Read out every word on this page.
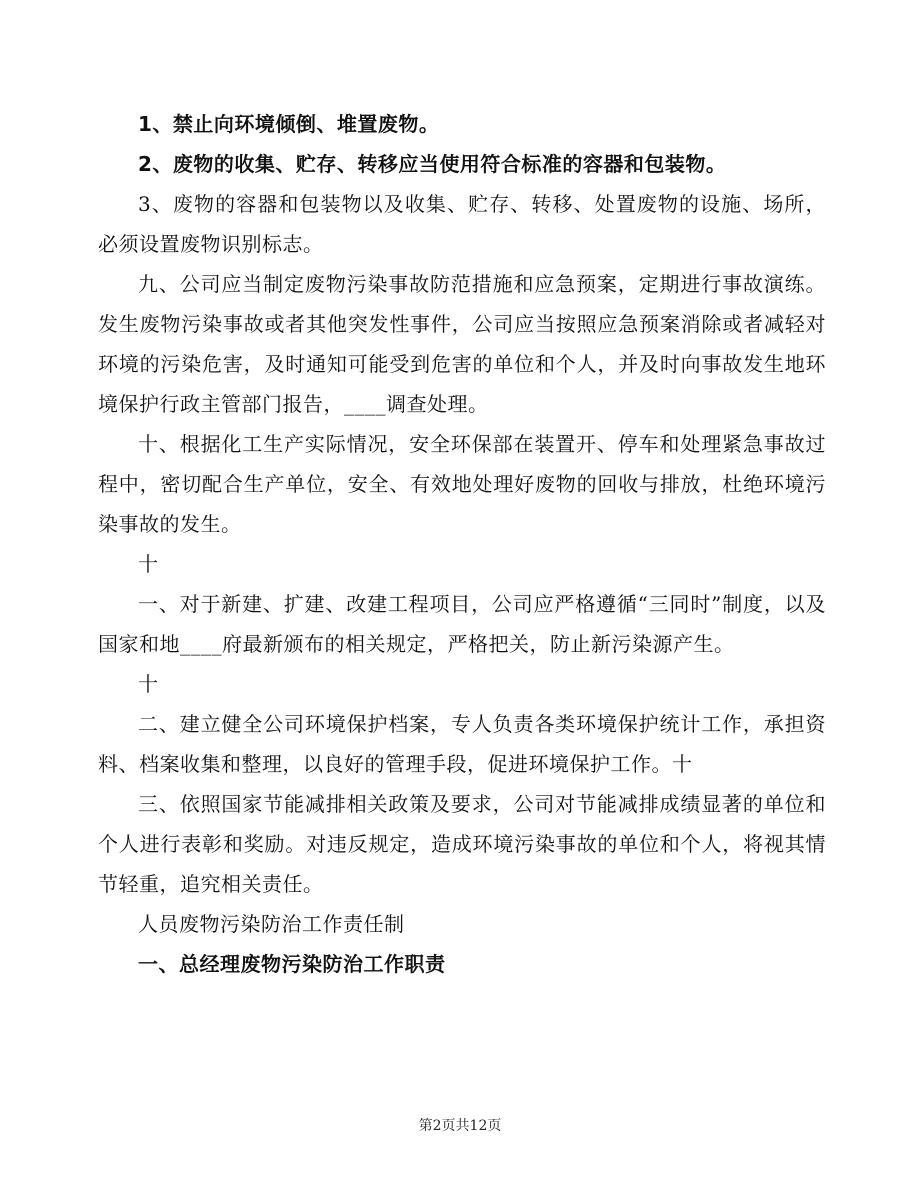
1、禁止向环境倾倒、堆置废物。

2、废物的收集、贮存、转移应当使用符合标准的容器和包装物。

3、废物的容器和包装物以及收集、贮存、转移、处置废物的设施、场所，必须设置废物识别标志。

九、公司应当制定废物污染事故防范措施和应急预案，定期进行事故演练。发生废物污染事故或者其他突发性事件，公司应当按照应急预案消除或者减轻对环境的污染危害，及时通知可能受到危害的单位和个人，并及时向事故发生地环境保护行政主管部门报告，____调查处理。

十、根据化工生产实际情况，安全环保部在装置开、停车和处理紧急事故过程中，密切配合生产单位，安全、有效地处理好废物的回收与排放，杜绝环境污染事故的发生。

十

一、对于新建、扩建、改建工程项目，公司应严格遵循“三同时”制度，以及国家和地____府最新颁布的相关规定，严格把关，防止新污染源产生。

十

二、建立健全公司环境保护档案，专人负责各类环境保护统计工作，承担资料、档案收集和整理，以良好的管理手段，促进环境保护工作。十

三、依照国家节能减排相关政策及要求，公司对节能减排成绩显著的单位和个人进行表彰和奖励。对违反规定，造成环境污染事故的单位和个人，将视其情节轻重，追究相关责任。

人员废物污染防治工作责任制

一、总经理废物污染防治工作职责

第2页共12页
